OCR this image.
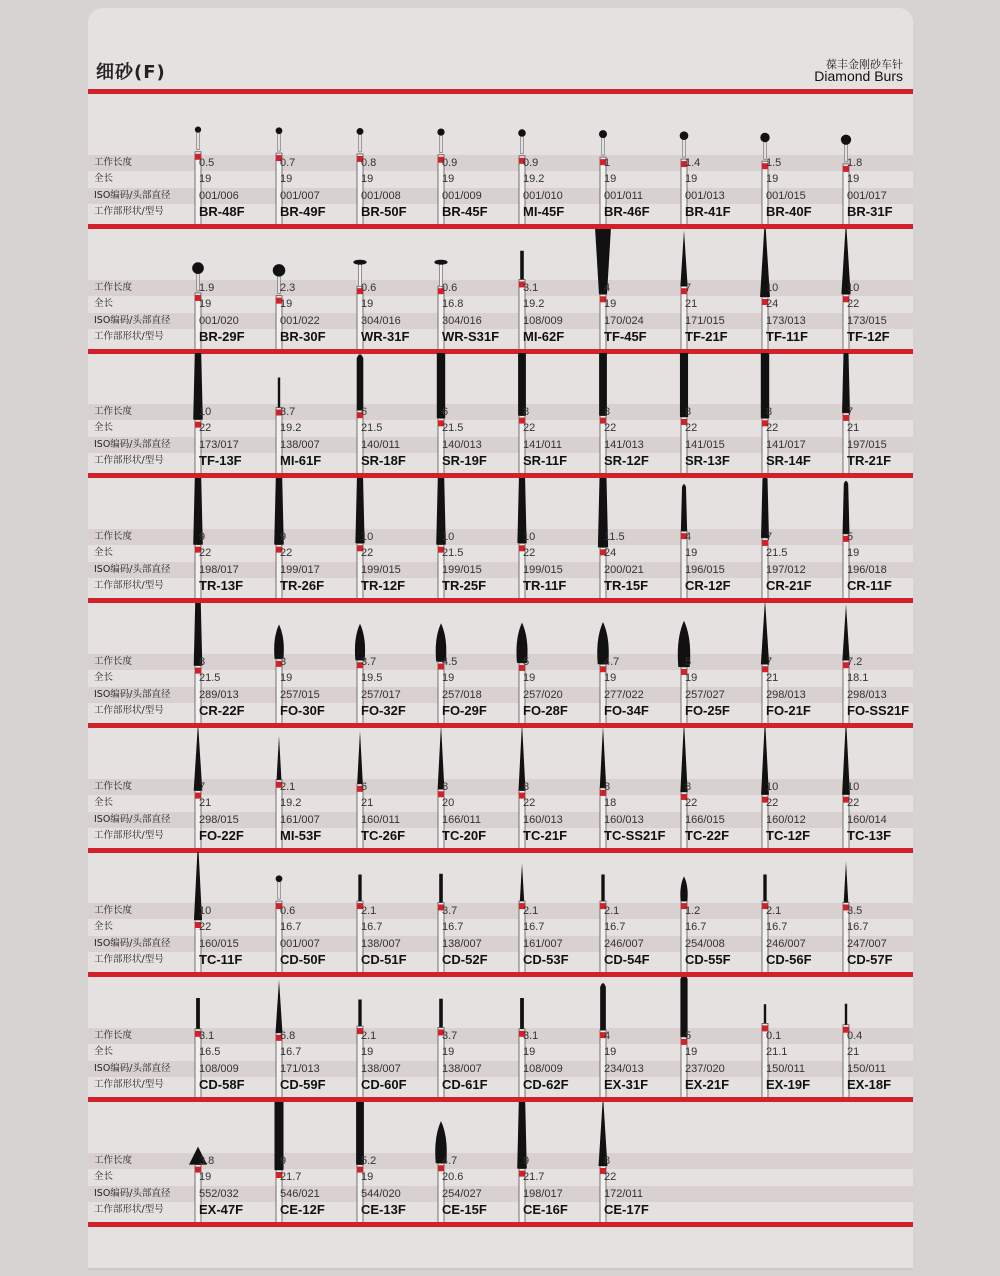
细砂(F)	葆丰金刚砂车针
Diamond Burs
工作长度
全长
ISO编码/头部直径
工作部形状/型号
0.5
19
001/006
BR-48F
0.7
19
001/007
BR-49F
0.8
19
001/008
BR-50F
0.9
19
001/009
BR-45F
0.9
19.2
001/010
MI-45F
1
19
001/011
BR-46F
1.4
19
001/013
BR-41F
1.5
19
001/015
BR-40F
1.8
19
001/017
BR-31F
工作长度
全长
ISO编码/头部直径
工作部形状/型号
1.9
19
001/020
BR-29F
2.3
19
001/022
BR-30F
0.6
19
304/016
WR-31F
0.6
16.8
304/016
WR-S31F
3.1
19.2
108/009
MI-62F
4
19
170/024
TF-45F
7
21
171/015
TF-21F
10
24
173/013
TF-11F
10
22
173/015
TF-12F
工作长度
全长
ISO编码/头部直径
工作部形状/型号
10
22
173/017
TF-13F
3.7
19.2
138/007
MI-61F
6
21.5
140/011
SR-18F
6
21.5
140/013
SR-19F
8
22
141/011
SR-11F
8
22
141/013
SR-12F
8
22
141/015
SR-13F
8
22
141/017
SR-14F
7
21
197/015
TR-21F
工作长度
全长
ISO编码/头部直径
工作部形状/型号
9
22
198/017
TR-13F
9
22
199/017
TR-26F
10
22
199/015
TR-12F
10
21.5
199/015
TR-25F
10
22
199/015
TR-11F
11.5
24
200/021
TR-15F
4
19
196/015
CR-12F
7
21.5
197/012
CR-21F
5
19
196/018
CR-11F
工作长度
全长
ISO编码/头部直径
工作部形状/型号
8
21.5
289/013
CR-22F
3
19
257/015
FO-30F
3.7
19.5
257/017
FO-32F
4.5
19
257/018
FO-29F
5
19
257/020
FO-28F
4.7
19
277/022
FO-34F
5
19
257/027
FO-25F
7
21
298/013
FO-21F
7.2
18.1
298/013
FO-SS21F
工作长度
全长
ISO编码/头部直径
工作部形状/型号
7
21
298/015
FO-22F
2.1
19.2
161/007
MI-53F
6
21
160/011
TC-26F
8
20
166/011
TC-20F
8
22
160/013
TC-21F
8
18
160/013
TC-SS21F
8
22
166/015
TC-22F
10
22
160/012
TC-12F
10
22
160/014
TC-13F
工作长度
全长
ISO编码/头部直径
工作部形状/型号
10
22
160/015
TC-11F
0.6
16.7
001/007
CD-50F
2.1
16.7
138/007
CD-51F
3.7
16.7
138/007
CD-52F
2.1
16.7
161/007
CD-53F
2.1
16.7
246/007
CD-54F
1.2
16.7
254/008
CD-55F
2.1
16.7
246/007
CD-56F
3.5
16.7
247/007
CD-57F
工作长度
全长
ISO编码/头部直径
工作部形状/型号
3.1
16.5
108/009
CD-58F
6.8
16.7
171/013
CD-59F
2.1
19
138/007
CD-60F
3.7
19
138/007
CD-61F
3.1
19
108/009
CD-62F
4
19
234/013
EX-31F
5
19
237/020
EX-21F
0.1
21.1
150/011
EX-19F
0.4
21
150/011
EX-18F
工作长度
全长
ISO编码/头部直径
工作部形状/型号
3.8
19
552/032
EX-47F
9
21.7
546/021
CE-12F
5.2
19
544/020
CE-13F
4.7
20.6
254/027
CE-15F
9
21.7
198/017
CE-16F
8
22
172/011
CE-17F
